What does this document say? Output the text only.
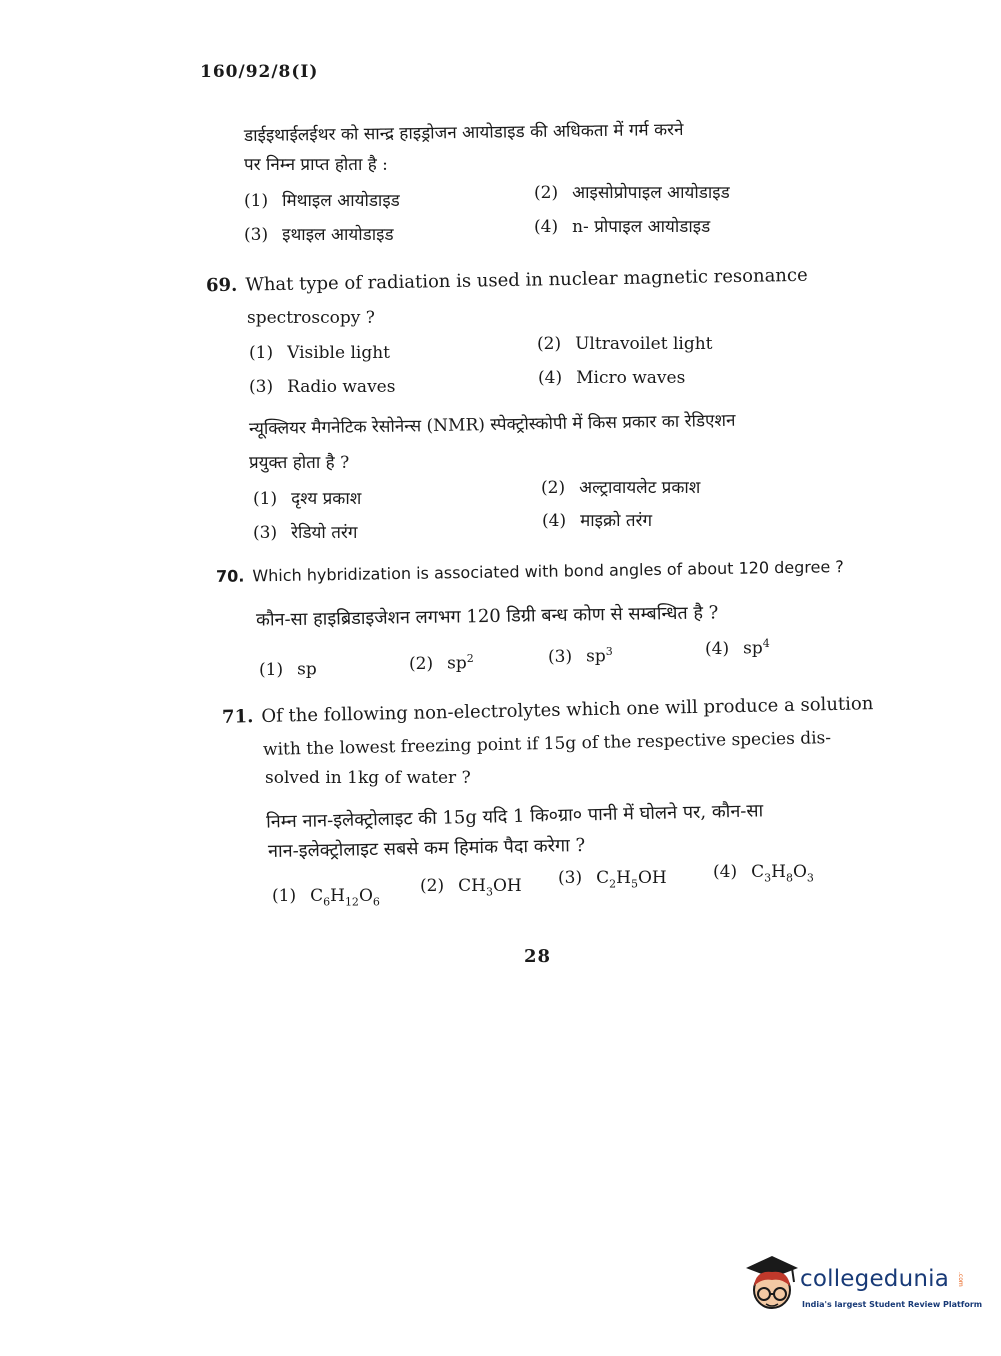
160/92/8(I)
डाईइथाईलईथर को सान्द्र हाइड्रोजन आयोडाइड की अधिकता में गर्म करने
पर निम्न प्राप्त होता है :
(1) मिथाइल आयोडाइड	(2) आइसोप्रोपाइल आयोडाइड
(3) इथाइल आयोडाइड	(4) n- प्रोपाइल आयोडाइड
69. What type of radiation is used in nuclear magnetic resonance
spectroscopy ?
(1) Visible light	(2) Ultravoilet light
(3) Radio waves	(4) Micro waves
न्यूक्लियर मैगनेटिक रेसोनेन्स (NMR) स्पेक्ट्रोस्कोपी में किस प्रकार का रेडिएशन
प्रयुक्त होता है ?
(1) दृश्य प्रकाश
(2) अल्ट्रावायलेट प्रकाश
(3) रेडियो तरंग
(4) माइक्रो तरंग
70. Which hybridization is associated with bond angles of about 120 degree ?
कौन-सा हाइब्रिडाइजेशन लगभग 120 डिग्री बन्ध कोण से सम्बन्धित है ?
(1) sp	(2) $sp^2$	(3) $sp^3$	(4) $sp^4$
71. Of the following non-electrolytes which one will produce a solution
with the lowest freezing point if 15g of the respective species dis-
solved in 1kg of water ?
निम्न नान-इलेक्ट्रोलाइट की 15g यदि 1 कि०ग्रा० पानी में घोलने पर, कौन-सा
नान-इलेक्ट्रोलाइट सबसे कम हिमांक पैदा करेगा ?
(1) $C_6H_{12}O_6$
(2) $CH_3OH$ (3) $C_2H_5OH$	(4) $C_3H_8O_3$
28
collegedunia .com
India's largest Student Review Platform
